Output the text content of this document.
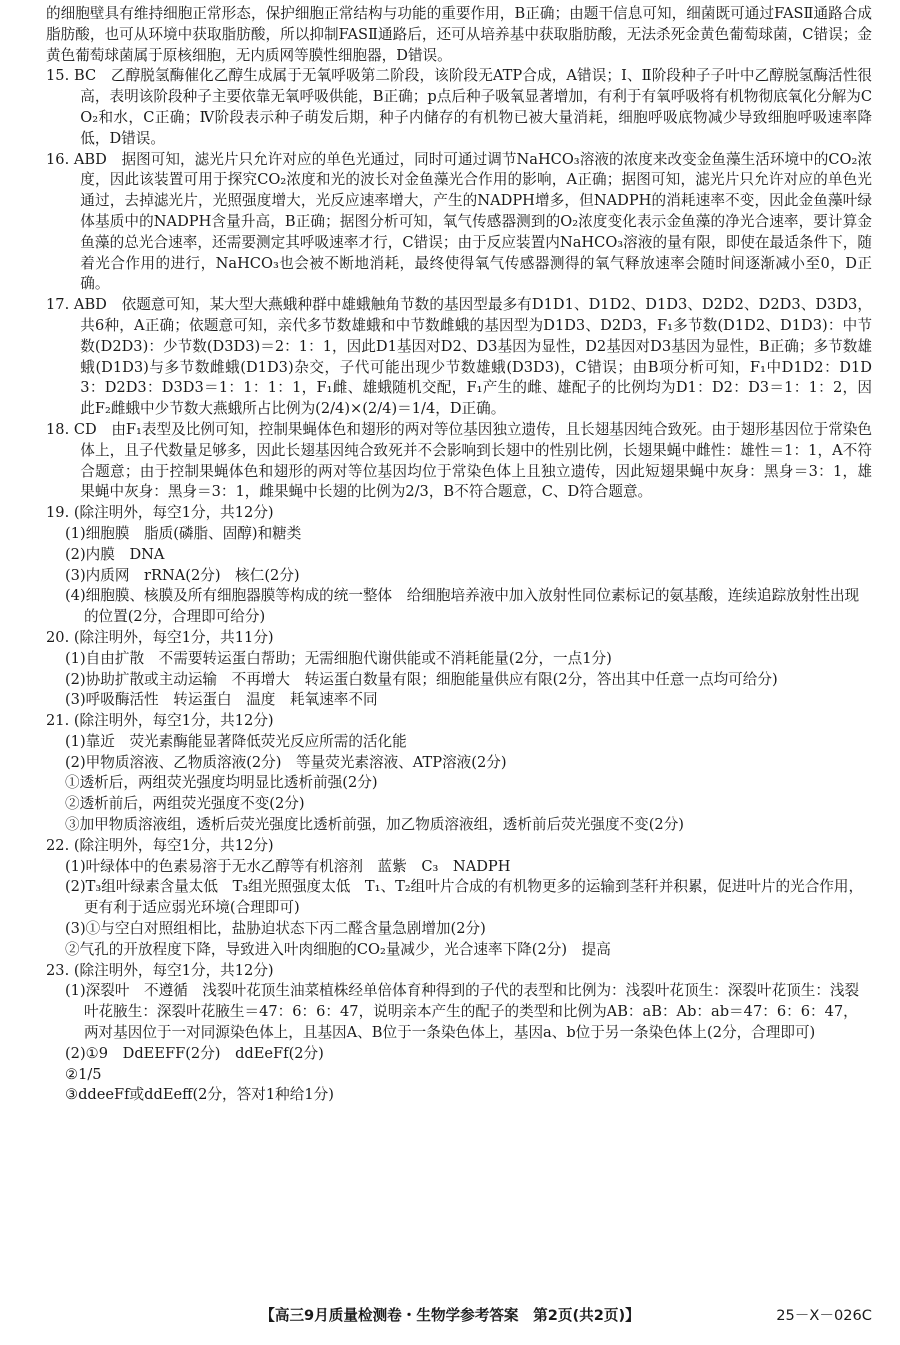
的细胞壁具有维持细胞正常形态，保护细胞正常结构与功能的重要作用，B正确；由题干信息可知，细菌既可通过FASⅡ通路合成脂肪酸，也可从环境中获取脂肪酸，所以抑制FASⅡ通路后，还可从培养基中获取脂肪酸，无法杀死金黄色葡萄球菌，C错误；金黄色葡萄球菌属于原核细胞，无内质网等膜性细胞器，D错误。

15. BC　乙醇脱氢酶催化乙醇生成属于无氧呼吸第二阶段，该阶段无ATP合成，A错误；Ⅰ、Ⅱ阶段种子子叶中乙醇脱氢酶活性很高，表明该阶段种子主要依靠无氧呼吸供能，B正确；p点后种子吸氧显著增加，有利于有氧呼吸将有机物彻底氧化分解为CO₂和水，C正确；Ⅳ阶段表示种子萌发后期，种子内储存的有机物已被大量消耗，细胞呼吸底物减少导致细胞呼吸速率降低，D错误。

16. ABD　据图可知，滤光片只允许对应的单色光通过，同时可通过调节NaHCO₃溶液的浓度来改变金鱼藻生活环境中的CO₂浓度，因此该装置可用于探究CO₂浓度和光的波长对金鱼藻光合作用的影响，A正确；据图可知，滤光片只允许对应的单色光通过，去掉滤光片，光照强度增大，光反应速率增大，产生的NADPH增多，但NADPH的消耗速率不变，因此金鱼藻叶绿体基质中的NADPH含量升高，B正确；据图分析可知，氧气传感器测到的O₂浓度变化表示金鱼藻的净光合速率，要计算金鱼藻的总光合速率，还需要测定其呼吸速率才行，C错误；由于反应装置内NaHCO₃溶液的量有限，即使在最适条件下，随着光合作用的进行，NaHCO₃也会被不断地消耗，最终使得氧气传感器测得的氧气释放速率会随时间逐渐减小至0，D正确。

17. ABD　依题意可知，某大型大燕蛾种群中雄蛾触角节数的基因型最多有D1D1、D1D2、D1D3、D2D2、D2D3、D3D3，共6种，A正确；依题意可知，亲代多节数雄蛾和中节数雌蛾的基因型为D1D3、D2D3，F₁多节数(D1D2、D1D3)：中节数(D2D3)：少节数(D3D3)＝2：1：1，因此D1基因对D2、D3基因为显性，D2基因对D3基因为显性，B正确；多节数雄蛾(D1D3)与多节数雌蛾(D1D3)杂交，子代可能出现少节数雄蛾(D3D3)，C错误；由B项分析可知，F₁中D1D2：D1D3：D2D3：D3D3＝1：1：1：1，F₁雌、雄蛾随机交配，F₁产生的雌、雄配子的比例均为D1：D2：D3＝1：1：2，因此F₂雌蛾中少节数大燕蛾所占比例为(2/4)×(2/4)＝1/4，D正确。

18. CD　由F₁表型及比例可知，控制果蝇体色和翅形的两对等位基因独立遗传，且长翅基因纯合致死。由于翅形基因位于常染色体上，且子代数量足够多，因此长翅基因纯合致死并不会影响到长翅中的性别比例，长翅果蝇中雌性：雄性＝1：1，A不符合题意；由于控制果蝇体色和翅形的两对等位基因均位于常染色体上且独立遗传，因此短翅果蝇中灰身：黑身＝3：1，雄果蝇中灰身：黑身＝3：1，雌果蝇中长翅的比例为2/3，B不符合题意，C、D符合题意。

19. (除注明外，每空1分，共12分)

(1)细胞膜　脂质(磷脂、固醇)和糖类

(2)内膜　DNA

(3)内质网　rRNA(2分)　核仁(2分)

(4)细胞膜、核膜及所有细胞器膜等构成的统一整体　给细胞培养液中加入放射性同位素标记的氨基酸，连续追踪放射性出现的位置(2分，合理即可给分)

20. (除注明外，每空1分，共11分)

(1)自由扩散　不需要转运蛋白帮助；无需细胞代谢供能或不消耗能量(2分，一点1分)

(2)协助扩散或主动运输　不再增大　转运蛋白数量有限；细胞能量供应有限(2分，答出其中任意一点均可给分)

(3)呼吸酶活性　转运蛋白　温度　耗氧速率不同

21. (除注明外，每空1分，共12分)

(1)靠近　荧光素酶能显著降低荧光反应所需的活化能

(2)甲物质溶液、乙物质溶液(2分)　等量荧光素溶液、ATP溶液(2分)

①透析后，两组荧光强度均明显比透析前强(2分)

②透析前后，两组荧光强度不变(2分)

③加甲物质溶液组，透析后荧光强度比透析前强，加乙物质溶液组，透析前后荧光强度不变(2分)

22. (除注明外，每空1分，共12分)

(1)叶绿体中的色素易溶于无水乙醇等有机溶剂　蓝紫　C₃　NADPH

(2)T₃组叶绿素含量太低　T₃组光照强度太低　T₁、T₂组叶片合成的有机物更多的运输到茎秆并积累，促进叶片的光合作用，更有利于适应弱光环境(合理即可)

(3)①与空白对照组相比，盐胁迫状态下丙二醛含量急剧增加(2分)

②气孔的开放程度下降，导致进入叶肉细胞的CO₂量减少，光合速率下降(2分)　提高

23. (除注明外，每空1分，共12分)

(1)深裂叶　不遵循　浅裂叶花顶生油菜植株经单倍体育种得到的子代的表型和比例为：浅裂叶花顶生：深裂叶花顶生：浅裂叶花腋生：深裂叶花腋生＝47：6：6：47，说明亲本产生的配子的类型和比例为AB：aB：Ab：ab＝47：6：6：47，两对基因位于一对同源染色体上，且基因A、B位于一条染色体上，基因a、b位于另一条染色体上(2分，合理即可)

(2)①9　DdEEFF(2分)　ddEeFf(2分)

②1/5

③ddeeFf或ddEeff(2分，答对1种给1分)

【高三9月质量检测卷・生物学参考答案　第2页(共2页)】	25－X－026C
